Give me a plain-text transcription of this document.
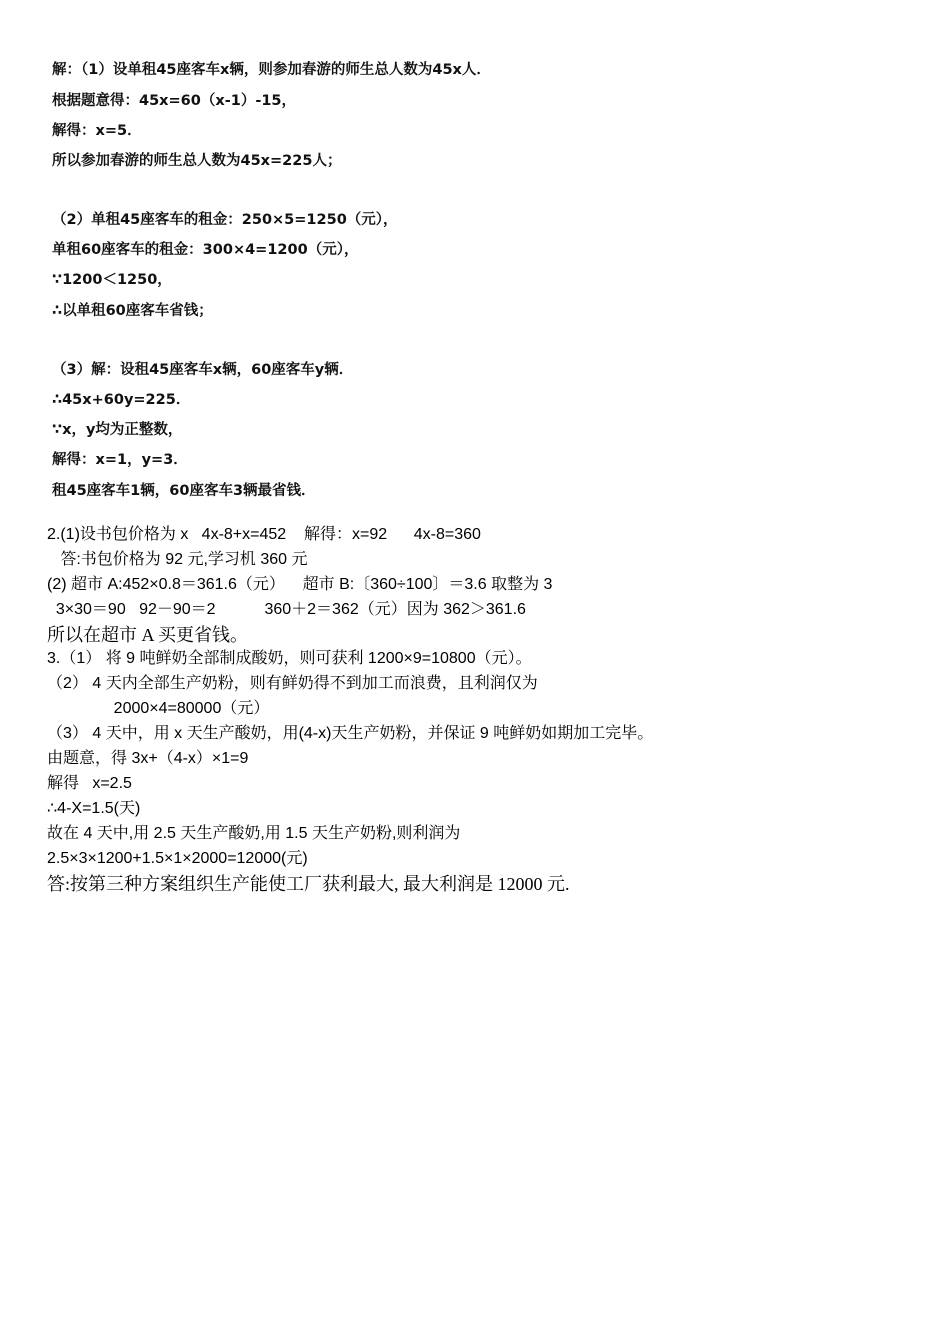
解：（1）设单租45座客车x辆，则参加春游的师生总人数为45x人．
根据题意得：45x=60（x-1）-15，
解得：x=5．
所以参加春游的师生总人数为45x=225人；
（2）单租45座客车的租金：250×5=1250（元），
单租60座客车的租金：300×4=1200（元），
∵1200＜1250，
∴以单租60座客车省钱；
（3）解：设租45座客车x辆，60座客车y辆．
∴45x+60y=225．
∵x，y均为正整数，
解得：x=1，y=3．
租45座客车1辆，60座客车3辆最省钱．
2.(1)设书包价格为 x   4x-8+x=452    解得：x=92      4x-8=360
答:书包价格为 92 元,学习机 360 元
(2) 超市 A:452×0.8＝361.6（元）    超市 B:〔360÷100〕＝3.6 取整为 3
3×30＝90   92－90＝2           360＋2＝362（元）因为 362＞361.6
所以在超市 A 买更省钱。
3.（1） 将 9 吨鲜奶全部制成酸奶，则可获利 1200×9=10800（元）。
（2） 4 天内全部生产奶粉，则有鲜奶得不到加工而浪费，且利润仅为
2000×4=80000（元）
（3） 4 天中，用 x 天生产酸奶，用(4-x)天生产奶粉，并保证 9 吨鲜奶如期加工完毕。
由题意，得 3x+（4-x）×1=9
解得   x=2.5
∴4-X=1.5(天)
故在 4 天中,用 2.5 天生产酸奶,用 1.5 天生产奶粉,则利润为
2.5×3×1200+1.5×1×2000=12000(元)
答:按第三种方案组织生产能使工厂获利最大, 最大利润是 12000 元.
